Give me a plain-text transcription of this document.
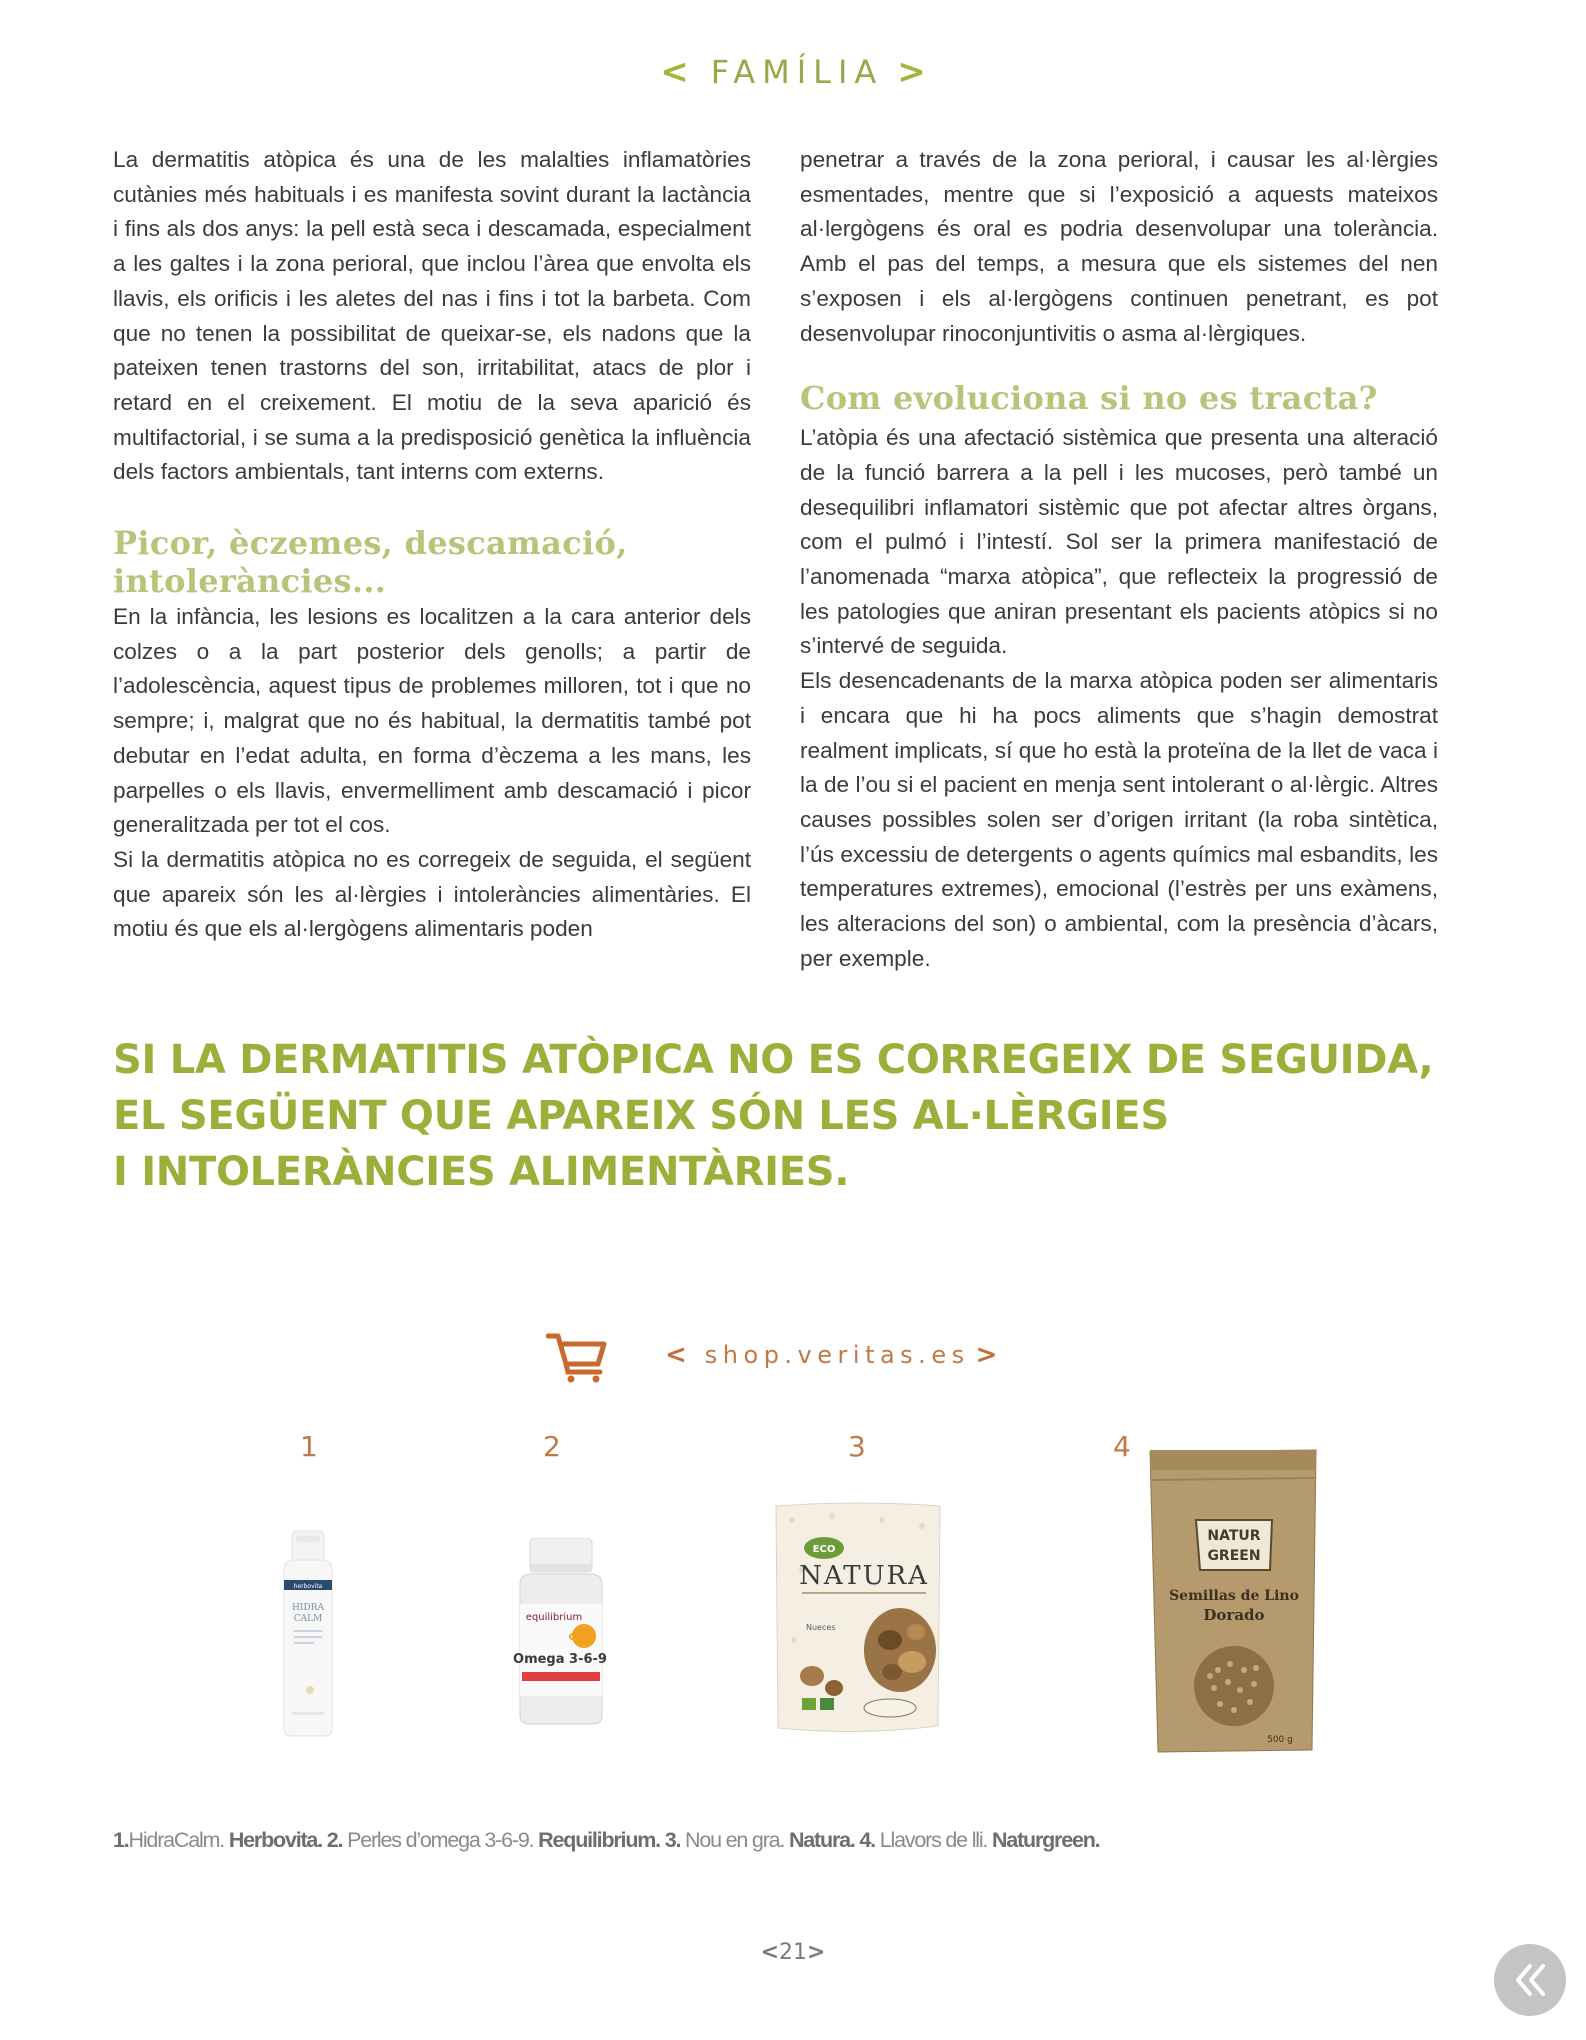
< FAMÍLIA >

La dermatitis atòpica és una de les malalties inflamatòries cutànies més habituals i es manifesta sovint durant la lactància i fins als dos anys: la pell està seca i descamada, especialment a les galtes i la zona perioral, que inclou l’àrea que envolta els llavis, els orificis i les aletes del nas i fins i tot la barbeta. Com que no tenen la possibilitat de queixar-se, els nadons que la pateixen tenen trastorns del son, irritabilitat, atacs de plor i retard en el creixement. El motiu de la seva aparició és multifactorial, i se suma a la predisposició genètica la influència dels factors ambientals, tant interns com externs.

Picor, èczemes, descamació, intoleràncies...

En la infància, les lesions es localitzen a la cara anterior dels colzes o a la part posterior dels genolls; a partir de l’adolescència, aquest tipus de problemes milloren, tot i que no sempre; i, malgrat que no és habitual, la dermatitis també pot debutar en l’edat adulta, en forma d’èczema a les mans, les parpelles o els llavis, envermelliment amb descamació i picor generalitzada per tot el cos.

Si la dermatitis atòpica no es corregeix de seguida, el següent que apareix són les al·lèrgies i intoleràncies alimentàries. El motiu és que els al·lergògens alimentaris poden

penetrar a través de la zona perioral, i causar les al·lèrgies esmentades, mentre que si l’exposició a aquests mateixos al·lergògens és oral es podria desenvolupar una tolerància. Amb el pas del temps, a mesura que els sistemes del nen s’exposen i els al·lergògens continuen penetrant, es pot desenvolupar rinoconjuntivitis o asma al·lèrgiques.

Com evoluciona si no es tracta?

L’atòpia és una afectació sistèmica que presenta una alteració de la funció barrera a la pell i les mucoses, però també un desequilibri inflamatori sistèmic que pot afectar altres òrgans, com el pulmó i l’intestí. Sol ser la primera manifestació de l’anomenada “marxa atòpica”, que reflecteix la progressió de les patologies que aniran presentant els pacients atòpics si no s’intervé de seguida.

Els desencadenants de la marxa atòpica poden ser alimentaris i encara que hi ha pocs aliments que s’hagin demostrat realment implicats, sí que ho està la proteïna de la llet de vaca i la de l’ou si el pacient en menja sent intolerant o al·lèrgic. Altres causes possibles solen ser d’origen irritant (la roba sintètica, l’ús excessiu de detergents o agents químics mal esbandits, les temperatures extremes), emocional (l’estrès per uns exàmens, les alteracions del son) o ambiental, com la presència d’àcars, per exemple.

SI LA DERMATITIS ATÒPICA NO ES CORREGEIX DE SEGUIDA,
EL SEGÜENT QUE APAREIX SÓN LES AL·LÈRGIES
I INTOLERÀNCIES ALIMENTÀRIES.
< shop.veritas.es >
1	2	3	4
herbovita
HIDRA
CALM	equilibrium
CK
Omega 3-6-9
ECO
NATURA
Nueces
NATUR
GREEN
Semillas de Lino
Dorado
500 g
1.HidraCalm. Herbovita. 2. Perles d’omega 3-6-9. Requilibrium. 3. Nou en gra. Natura. 4. Llavors de lli. Naturgreen.
<21>
